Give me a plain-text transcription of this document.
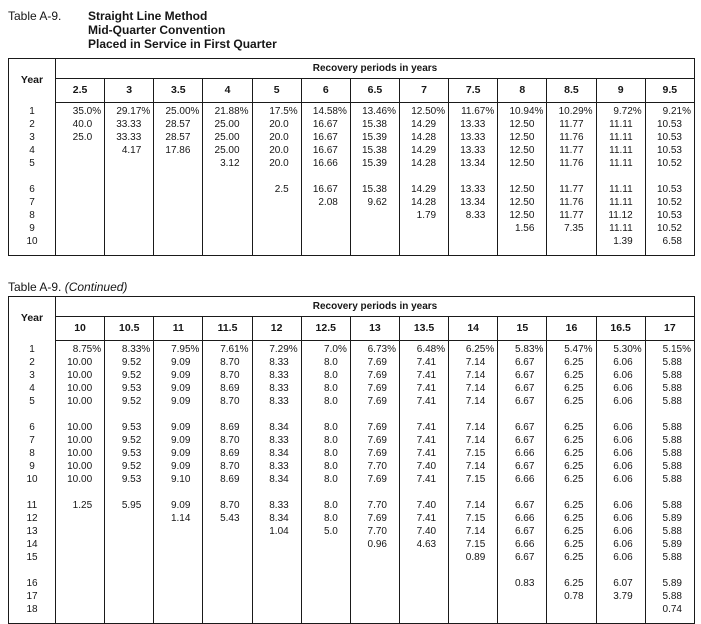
Table A-9.	Straight Line Method
Mid-Quarter Convention
Placed in Service in First Quarter
Year	Recovery periods in years												
	2.5	3	3.5	4	5	6	6.5	7	7.5	8	8.5	9	9.5
1	35.0%	29.17%	25.00%	21.88%	17.5%	14.58%	13.46%	12.50%	11.67%	10.94%	10.29%	9.72%	9.21%
2	40.0	33.33	28.57	25.00	20.0	16.67	15.38	14.29	13.33	12.50	11.77	11.11	10.53
3	25.0	33.33	28.57	25.00	20.0	16.67	15.39	14.28	13.33	12.50	11.76	11.11	10.53
4		4.17	17.86	25.00	20.0	16.67	15.38	14.29	13.33	12.50	11.77	11.11	10.53
5				3.12	20.0	16.66	15.39	14.28	13.34	12.50	11.76	11.11	10.52

6					2.5	16.67	15.38	14.29	13.33	12.50	11.77	11.11	10.53
7						2.08	9.62	14.28	13.34	12.50	11.76	11.11	10.52
8								1.79	8.33	12.50	11.77	11.12	10.53
9										1.56	7.35	11.11	10.52
10												1.39	6.58

Table A-9. (Continued)
Year	Recovery periods in years												
	10	10.5	11	11.5	12	12.5	13	13.5	14	15	16	16.5	17
1	8.75%	8.33%	7.95%	7.61%	7.29%	7.0%	6.73%	6.48%	6.25%	5.83%	5.47%	5.30%	5.15%
2	10.00	9.52	9.09	8.70	8.33	8.0	7.69	7.41	7.14	6.67	6.25	6.06	5.88
3	10.00	9.52	9.09	8.70	8.33	8.0	7.69	7.41	7.14	6.67	6.25	6.06	5.88
4	10.00	9.53	9.09	8.69	8.33	8.0	7.69	7.41	7.14	6.67	6.25	6.06	5.88
5	10.00	9.52	9.09	8.70	8.33	8.0	7.69	7.41	7.14	6.67	6.25	6.06	5.88

6	10.00	9.53	9.09	8.69	8.34	8.0	7.69	7.41	7.14	6.67	6.25	6.06	5.88
7	10.00	9.52	9.09	8.70	8.33	8.0	7.69	7.41	7.14	6.67	6.25	6.06	5.88
8	10.00	9.53	9.09	8.69	8.34	8.0	7.69	7.41	7.15	6.66	6.25	6.06	5.88
9	10.00	9.52	9.09	8.70	8.33	8.0	7.70	7.40	7.14	6.67	6.25	6.06	5.88
10	10.00	9.53	9.10	8.69	8.34	8.0	7.69	7.41	7.15	6.66	6.25	6.06	5.88

11	1.25	5.95	9.09	8.70	8.33	8.0	7.70	7.40	7.14	6.67	6.25	6.06	5.88
12			1.14	5.43	8.34	8.0	7.69	7.41	7.15	6.66	6.25	6.06	5.89
13					1.04	5.0	7.70	7.40	7.14	6.67	6.25	6.06	5.88
14							0.96	4.63	7.15	6.66	6.25	6.06	5.89
15									0.89	6.67	6.25	6.06	5.88

16										0.83	6.25	6.07	5.89
17											0.78	3.79	5.88
18													0.74
